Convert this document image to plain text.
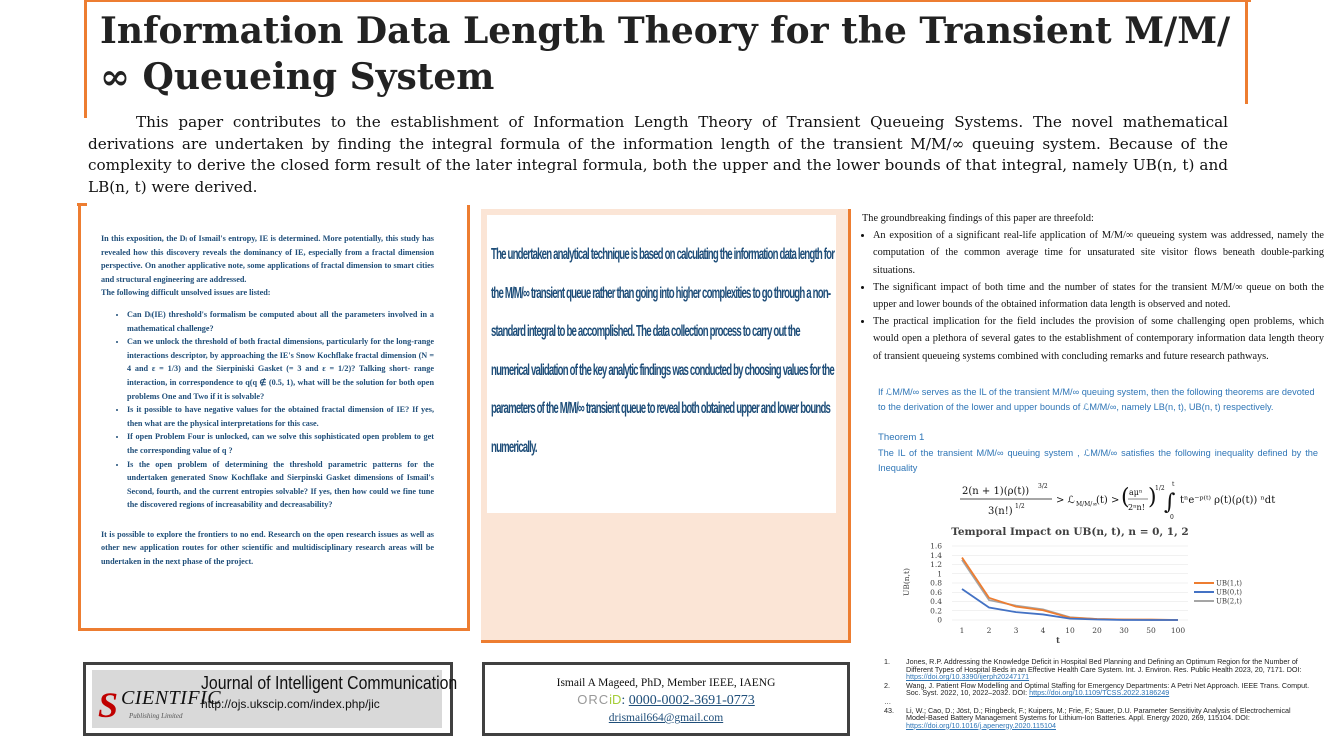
Information Data Length Theory for the Transient M/M/∞ Queueing System
This paper contributes to the establishment of Information Length Theory of Transient Queueing Systems. The novel mathematical derivations are undertaken by finding the integral formula of the information length of the transient M/M/∞ queuing system. Because of the complexity to derive the closed form result of the later integral formula, both the upper and the lower bounds of that integral, namely UB(n, t) and LB(n, t) were derived.

In this exposition, the Dₗ of Ismail's entropy, IE is determined. More potentially, this study has revealed how this discovery reveals the dominancy of IE, especially from a fractal dimension perspective. On another applicative note, some applications of fractal dimension to smart cities and structural engineering are addressed.

The following difficult unsolved issues are listed:

• Can Dₗ(IE) threshold's formalism be computed about all the parameters involved in a mathematical challenge?
• Can we unlock the threshold of both fractal dimensions, particularly for the long-range interactions descriptor, by approaching the IE's Snow Kochflake fractal dimension (N = 4 and ε = 1/3) and the Sierpiniski Gasket (= 3 and ε = 1/2)? Talking short- range interaction, in correspondence to q(q ∉ (0.5, 1), what will be the solution for both open problems One and Two if it is solvable?
• Is it possible to have negative values for the obtained fractal dimension of IE? If yes, then what are the physical interpretations for this case.
• If open Problem Four is unlocked, can we solve this sophisticated open problem to get the corresponding value of q ?
• Is the open problem of determining the threshold parametric patterns for the undertaken generated Snow Kochflake and Sierpinski Gasket dimensions of Ismail's Second, fourth, and the current entropies solvable? If yes, then how could we fine tune the discovered regions of increasability and decreasability?

It is possible to explore the frontiers to no end. Research on the open research issues as well as other new application routes for other scientific and multidisciplinary research areas will be undertaken in the next phase of the project.

The undertaken analytical technique is based on calculating the information data length for the M/M/∞ transient queue rather than going into higher complexities to go through a non-standard integral to be accomplished. The data collection process to carry out the numerical validation of the key analytic findings was conducted by choosing values for the parameters of the M/M/∞ transient queue to reveal both obtained upper and lower bounds numerically.

The groundbreaking findings of this paper are threefold:

• An exposition of a significant real-life application of M/M/∞ queueing system was addressed, namely the computation of the common average time for unsaturated site visitor flows beneath double-parking situations.
• The significant impact of both time and the number of states for the transient M/M/∞ queue on both the upper and lower bounds of the obtained information data length is observed and noted.
• The practical implication for the field includes the provision of some challenging open problems, which would open a plethora of several gates to the establishment of contemporary information data length theory of transient queueing systems combined with concluding remarks and future research pathways.
If ℒM/M/∞ serves as the IL of the transient M/M/∞ queuing system, then the following theorems are devoted to the derivation of the lower and upper bounds of ℒM/M/∞, namely LB(n, t), UB(n, t) respectively.
Theorem 1
The IL of the transient M/M/∞ queuing system , ℒM/M/∞ satisfies the following inequality defined by the Inequality
2(n + 1)(ρ(t)) 3/2
3(n!) 1/2
> ℒ M/M/∞
(t) > ( aμⁿ
2ⁿn! )
1/2
∫
t
0
tⁿe⁻ᵖ⁽ᵗ⁾ ρ(t)(ρ(t)) ⁿdt
Temporal Impact on UB(n, t), n = 0, 1, 2
0
0.2
0.4
0.6
0.8
1
1.2
1.4
1.6
1	2	3	4	10 20 30 50 100
UB(1,t)
UB(0,t)
UB(2,t)
UB(n,t)
t
S CIENTIFIC
Publishing Limited
Journal of Intelligent Communication
http://ojs.ukscip.com/index.php/jic
Ismail A Mageed, PhD, Member IEEE, IAENG
ORCiD: 0000-0002-3691-0773
drismail664@gmail.com
1.	Jones, R.P. Addressing the Knowledge Deficit in Hospital Bed Planning and Defining an Optimum Region for the Number of Different Types of Hospital Beds in an Effective Health Care System. Int. J. Environ. Res. Public Health 2023, 20, 7171. DOI: https://doi.org/10.3390/ijerph20247171
2.	Wang, J. Patient Flow Modelling and Optimal Staffing for Emergency Departments: A Petri Net Approach. IEEE Trans. Comput. Soc. Syst. 2022, 10, 2022–2032. DOI: https://doi.org/10.1109/TCSS.2022.3186249
…
43.	Li, W.; Cao, D.; Jöst, D.; Ringbeck, F.; Kuipers, M.; Frie, F.; Sauer, D.U. Parameter Sensitivity Analysis of Electrochemical Model-Based Battery Management Systems for Lithium-Ion Batteries. Appl. Energy 2020, 269, 115104. DOI: https://doi.org/10.1016/j.apenergy.2020.115104
